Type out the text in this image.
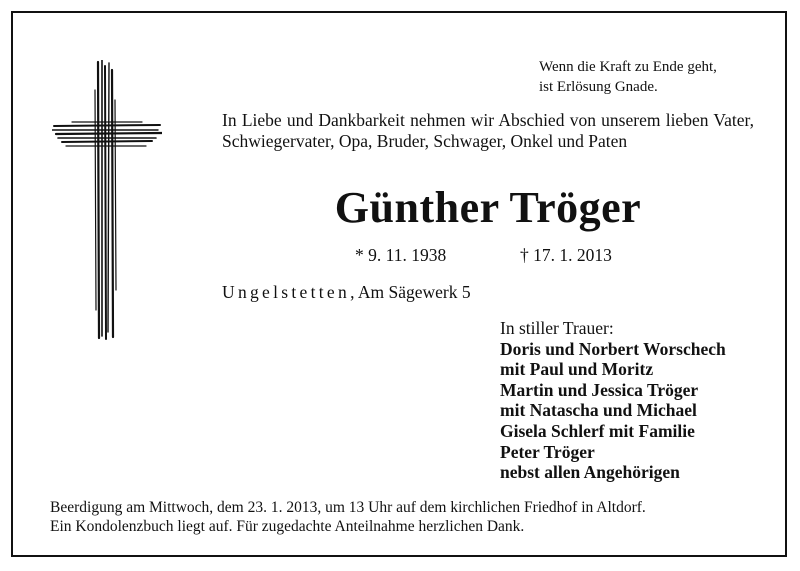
Wenn die Kraft zu Ende geht,
ist Erlösung Gnade.
In Liebe und Dankbarkeit nehmen wir Abschied von unserem lieben Vater, Schwiegervater, Opa, Bruder, Schwager, Onkel und Paten
Günther Tröger
* 9. 11. 1938	† 17. 1. 2013
Ungelstetten, Am Sägewerk 5
In stiller Trauer:
Doris und Norbert Worschech
mit Paul und Moritz
Martin und Jessica Tröger
mit Natascha und Michael
Gisela Schlerf mit Familie
Peter Tröger
nebst allen Angehörigen
Beerdigung am Mittwoch, dem 23. 1. 2013, um 13 Uhr auf dem kirchlichen Friedhof in Altdorf.
Ein Kondolenzbuch liegt auf. Für zugedachte Anteilnahme herzlichen Dank.
